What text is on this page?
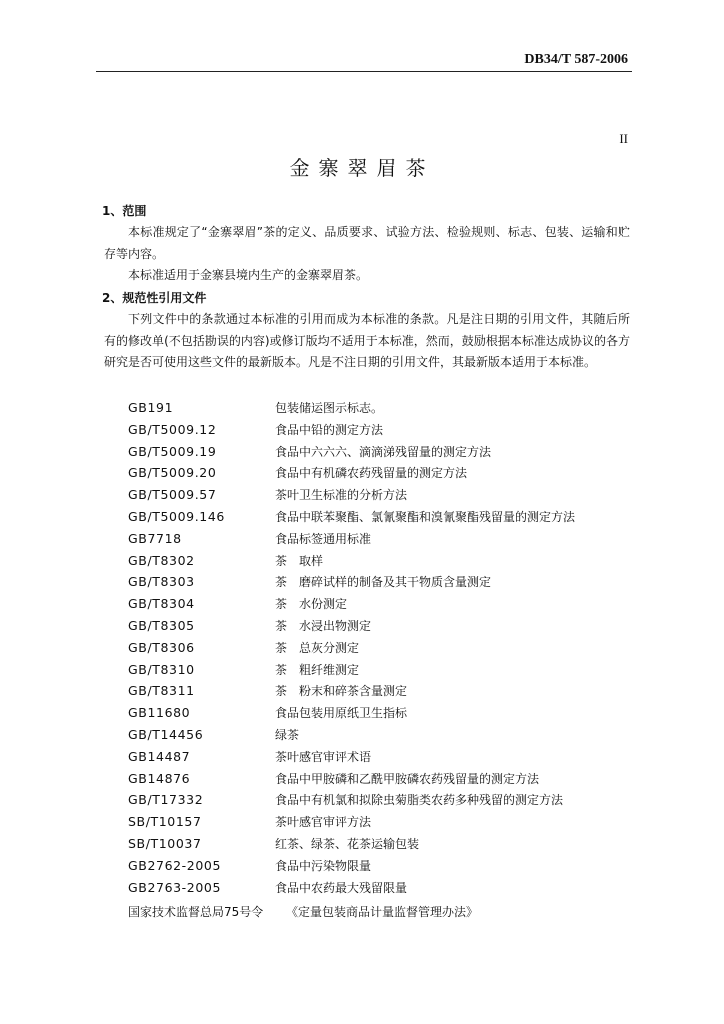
DB34/T 587-2006
II
金寨翠眉茶
1、范围

本标准规定了“金寨翠眉”茶的定义、品质要求、试验方法、检验规则、标志、包装、运输和贮存等内容。

本标准适用于金寨县境内生产的金寨翠眉茶。

2、规范性引用文件

下列文件中的条款通过本标准的引用而成为本标准的条款。凡是注日期的引用文件，其随后所有的修改单(不包括勘误的内容)或修订版均不适用于本标准，然而，鼓励根据本标准达成协议的各方研究是否可使用这些文件的最新版本。凡是不注日期的引用文件，其最新版本适用于本标准。

GB191	包装储运图示标志。
GB/T5009.12	食品中铅的测定方法
GB/T5009.19	食品中六六六、滴滴涕残留量的测定方法
GB/T5009.20	食品中有机磷农药残留量的测定方法
GB/T5009.57	茶叶卫生标准的分析方法
GB/T5009.146	食品中联苯聚酯、氯氰聚酯和溴氰聚酯残留量的测定方法
GB7718	食品标签通用标准
GB/T8302	茶　取样
GB/T8303	茶　磨碎试样的制备及其干物质含量测定
GB/T8304	茶　水份测定
GB/T8305	茶　水浸出物测定
GB/T8306	茶　总灰分测定
GB/T8310	茶　粗纤维测定
GB/T8311	茶　粉末和碎茶含量测定
GB11680	食品包装用原纸卫生指标
GB/T14456	绿茶
GB14487	茶叶感官审评术语
GB14876	食品中甲胺磷和乙酰甲胺磷农药残留量的测定方法
GB/T17332	食品中有机氯和拟除虫菊脂类农药多种残留的测定方法
SB/T10157	茶叶感官审评方法
SB/T10037	红茶、绿茶、花茶运输包装
GB2762-2005	食品中污染物限量
GB2763-2005	食品中农药最大残留限量
国家技术监督总局75号令 《定量包装商品计量监督管理办法》
